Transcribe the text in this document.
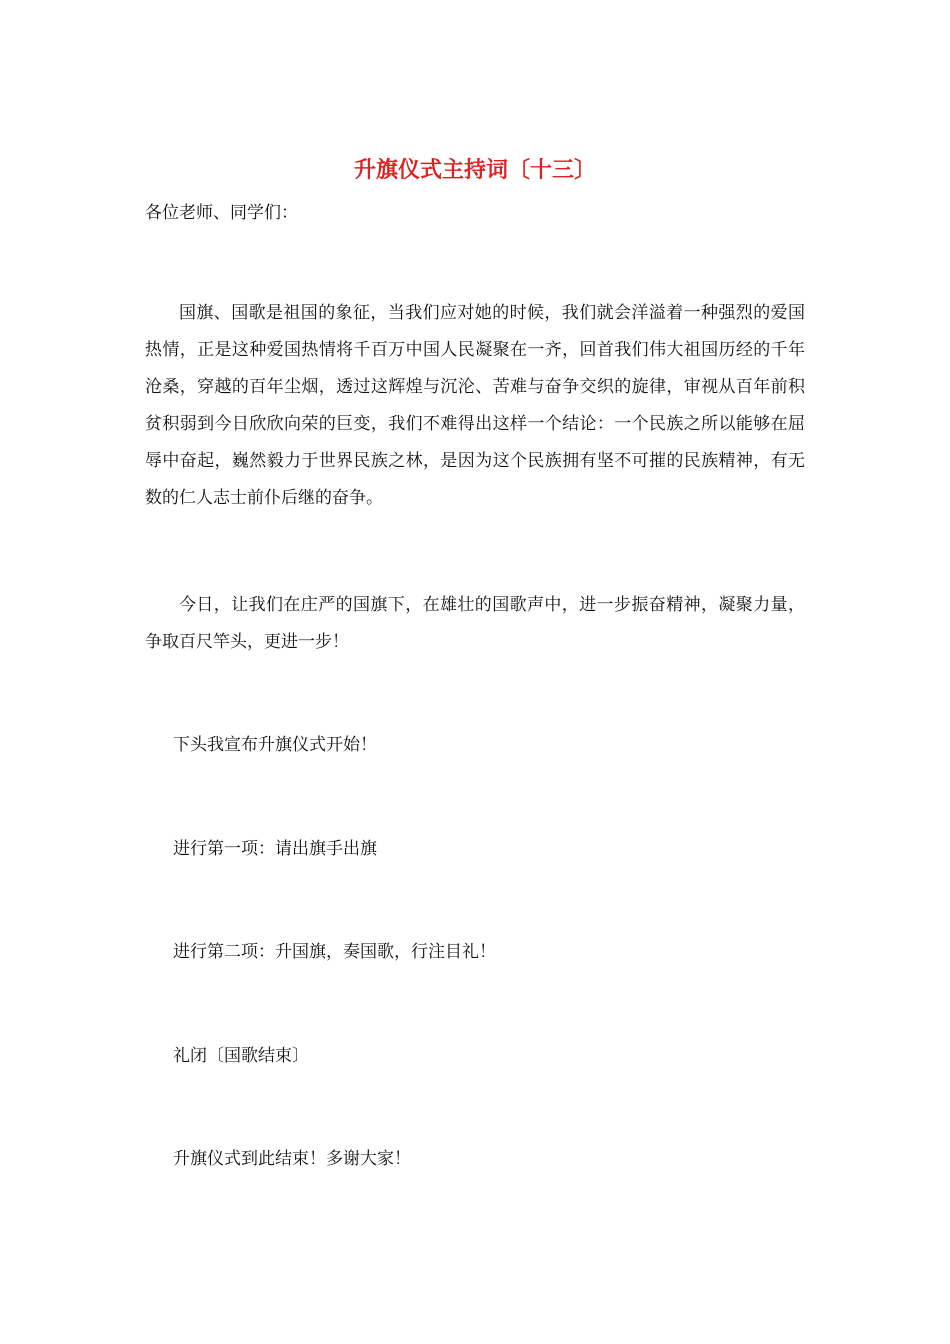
升旗仪式主持词〔十三〕

各位老师、同学们：

国旗、国歌是祖国的象征，当我们应对她的时候，我们就会洋溢着一种强烈的爱国热情，正是这种爱国热情将千百万中国人民凝聚在一齐，回首我们伟大祖国历经的千年沧桑，穿越的百年尘烟，透过这辉煌与沉沦、苦难与奋争交织的旋律，审视从百年前积贫积弱到今日欣欣向荣的巨变，我们不难得出这样一个结论：一个民族之所以能够在屈辱中奋起，巍然毅力于世界民族之林，是因为这个民族拥有坚不可摧的民族精神，有无数的仁人志士前仆后继的奋争。

今日，让我们在庄严的国旗下，在雄壮的国歌声中，进一步振奋精神，凝聚力量，争取百尺竿头，更进一步！

下头我宣布升旗仪式开始！

进行第一项：请出旗手出旗

进行第二项：升国旗，奏国歌，行注目礼！

礼闭〔国歌结束〕

升旗仪式到此结束！多谢大家！
